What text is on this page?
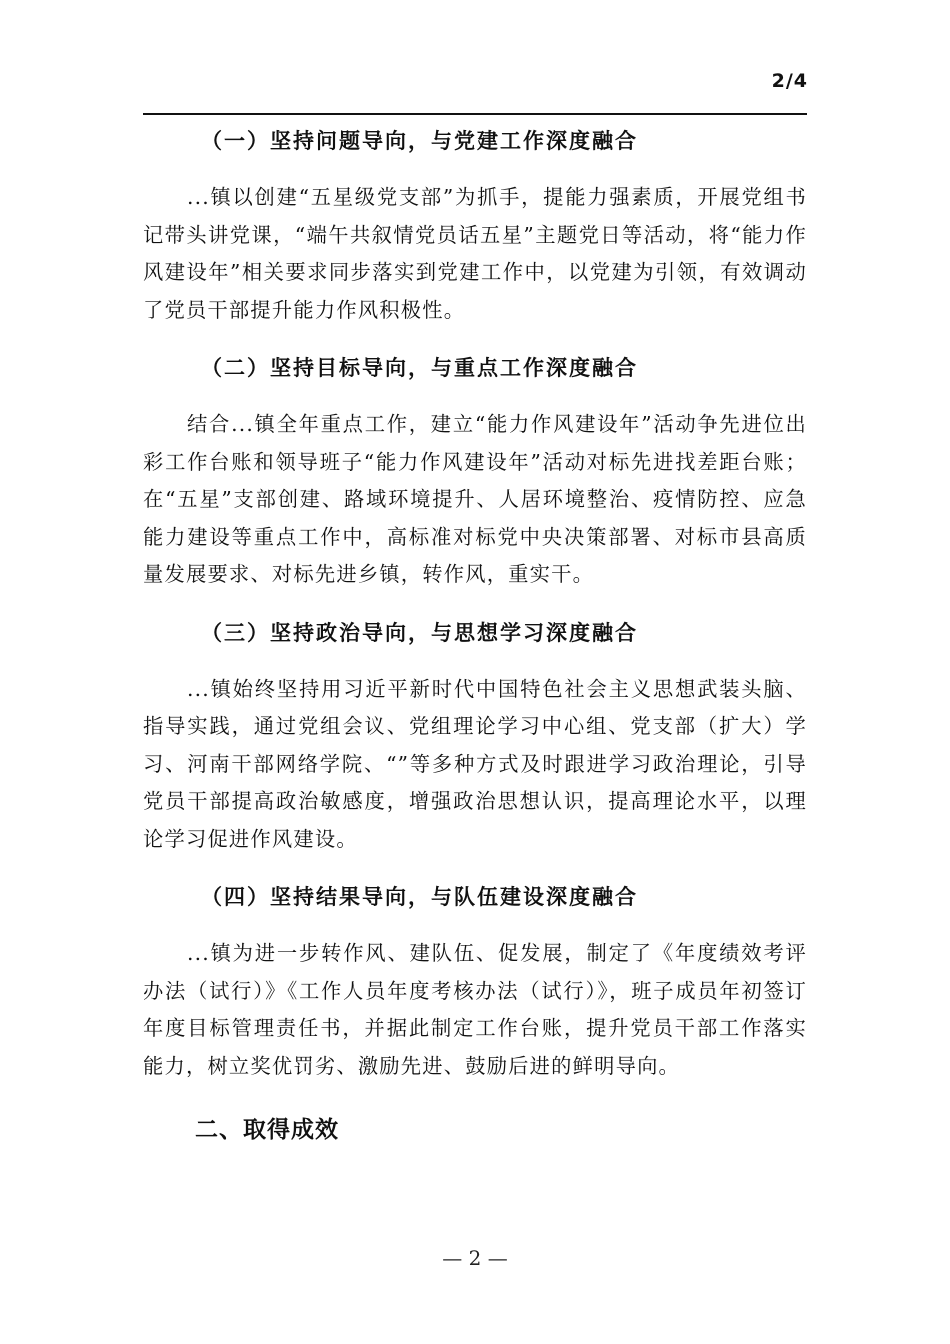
2/4
（一）坚持问题导向，与党建工作深度融合

...镇以创建“五星级党支部”为抓手，提能力强素质，开展党组书记带头讲党课，“端午共叙情党员话五星”主题党日等活动，将“能力作风建设年”相关要求同步落实到党建工作中，以党建为引领，有效调动了党员干部提升能力作风积极性。

（二）坚持目标导向，与重点工作深度融合

结合...镇全年重点工作，建立“能力作风建设年”活动争先进位出彩工作台账和领导班子“能力作风建设年”活动对标先进找差距台账；在“五星”支部创建、路域环境提升、人居环境整治、疫情防控、应急能力建设等重点工作中，高标准对标党中央决策部署、对标市县高质量发展要求、对标先进乡镇，转作风，重实干。

（三）坚持政治导向，与思想学习深度融合

...镇始终坚持用习近平新时代中国特色社会主义思想武装头脑、指导实践，通过党组会议、党组理论学习中心组、党支部（扩大）学习、河南干部网络学院、“”等多种方式及时跟进学习政治理论，引导党员干部提高政治敏感度，增强政治思想认识，提高理论水平，以理论学习促进作风建设。

（四）坚持结果导向，与队伍建设深度融合

...镇为进一步转作风、建队伍、促发展，制定了《年度绩效考评办法（试行）》《工作人员年度考核办法（试行）》，班子成员年初签订年度目标管理责任书，并据此制定工作台账，提升党员干部工作落实能力，树立奖优罚劣、激励先进、鼓励后进的鲜明导向。

二、取得成效
— 2 —
